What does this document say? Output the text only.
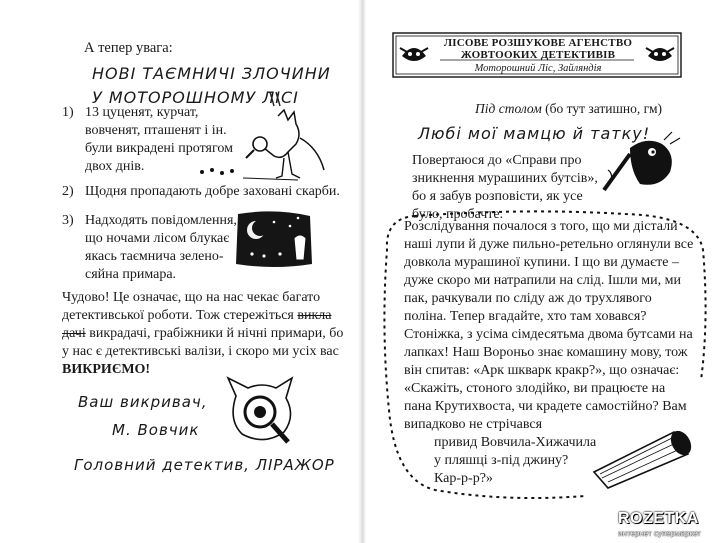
А тепер увага:
НОВІ ТАЄМНИЧІ ЗЛОЧИНИ
У МОТОРОШНОМУ ЛІСІ
1) 13 цуценят, курчат, вовченят, пташенят і ін. були викрадені протягом двох днів.
2) Щодня пропадають добре заховані скарби.
3) Надходять повідомлення, що ночами лісом блукає якась таємнича зелено-сяйна примара.
Чудово! Це означає, що на нас чекає багато детективської роботи. Тож стережіться викла дачі викрадачі, грабіжники й нічні примари, бо у нас є детективські валізи, і скоро ми усіх вас ВИКРИЄМО!
Ваш викривач,
М. Вовчик
Головний детектив, ЛІРАЖОР
ЛІСОВЕ РОЗШУКОВЕ АГЕНСТВО ЖОВТООКИХ ДЕТЕКТИВІВ
Моторошний Ліс, Зайляндія
Під столом (бо тут затишно, гм)
Любі мої мамцю й татку!
Повертаюся до «Справи про зникнення мурашиних бутсів», бо я забув розповісти, як усе було, пробачте.
Розслідування почалося з того, що ми дістали наші лупи й дуже пильно-ретельно оглянули все довкола мурашиної купини. І що ви думаєте – дуже скоро ми натрапили на слід. Ішли ми, ми пак, рачкували по сліду аж до трухлявого поліна. Тепер вгадайте, хто там ховався? Стоніжка, з усіма сімдесятьма двома бутсами на лапках! Наш Вороньо знає комашину мову, тож він спитав: «Арк шкварк кракр?», що означає: «Скажіть, стоного злодійко, ви працюєте на пана Крутихвоста, чи крадете самостійно? Вам випадково не стрічався
привид Вовчила-Хижачила
у пляшці з-під джину?
Кар-р-р?»
ROZETKA
интернет супермаркет
